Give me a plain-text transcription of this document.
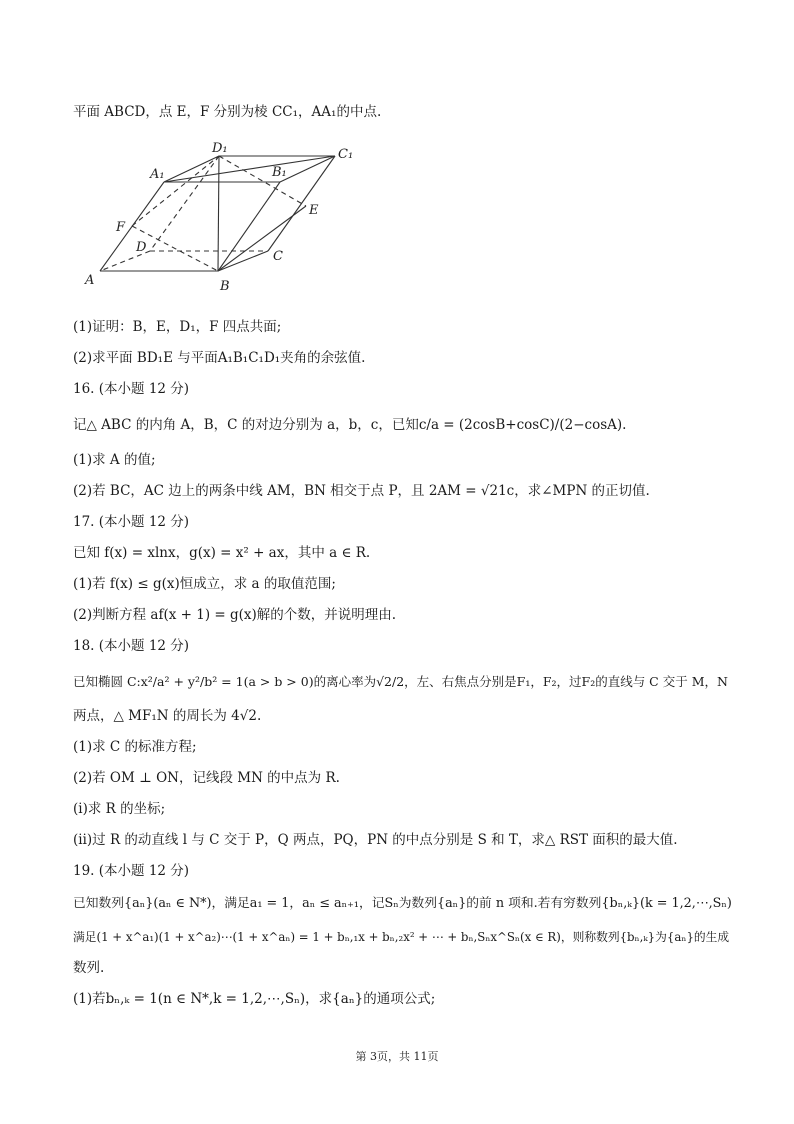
平面 ABCD，点 E，F 分别为棱 CC₁，AA₁的中点.
A₁
D₁
B₁
C₁
F
E
D
C
A	B
(1)证明：B，E，D₁，F 四点共面;
(2)求平面 BD₁E 与平面A₁B₁C₁D₁夹角的余弦值.
16. (本小题 12 分)
记△ ABC 的内角 A，B，C 的对边分别为 a，b，c，已知c/a = (2cosB+cosC)/(2−cosA).
(1)求 A 的值;
(2)若 BC，AC 边上的两条中线 AM，BN 相交于点 P，且 2AM = √21c，求∠MPN 的正切值.
17. (本小题 12 分)
已知 f(x) = xlnx，g(x) = x² + ax，其中 a ∈ R.
(1)若 f(x) ≤ g(x)恒成立，求 a 的取值范围;
(2)判断方程 af(x + 1) = g(x)解的个数，并说明理由.
18. (本小题 12 分)
已知椭圆 C:x²/a² + y²/b² = 1(a > b > 0)的离心率为√2/2，左、右焦点分别是F₁，F₂，过F₂的直线与 C 交于 M，N
两点，△ MF₁N 的周长为 4√2.
(1)求 C 的标准方程;
(2)若 OM ⊥ ON，记线段 MN 的中点为 R.
(ⅰ)求 R 的坐标;
(ⅱ)过 R 的动直线 l 与 C 交于 P，Q 两点，PQ，PN 的中点分别是 S 和 T，求△ RST 面积的最大值.
19. (本小题 12 分)
已知数列{aₙ}(aₙ ∈ N*)，满足a₁ = 1，aₙ ≤ aₙ₊₁，记Sₙ为数列{aₙ}的前 n 项和.若有穷数列{bₙ,ₖ}(k = 1,2,⋯,Sₙ)
满足(1 + x^a₁)(1 + x^a₂)⋯(1 + x^aₙ) = 1 + bₙ,₁x + bₙ,₂x² + ⋯ + bₙ,Sₙx^Sₙ(x ∈ R)，则称数列{bₙ,ₖ}为{aₙ}的生成
数列.
(1)若bₙ,ₖ = 1(n ∈ N*,k = 1,2,⋯,Sₙ)，求{aₙ}的通项公式;
第 3页，共 11页
